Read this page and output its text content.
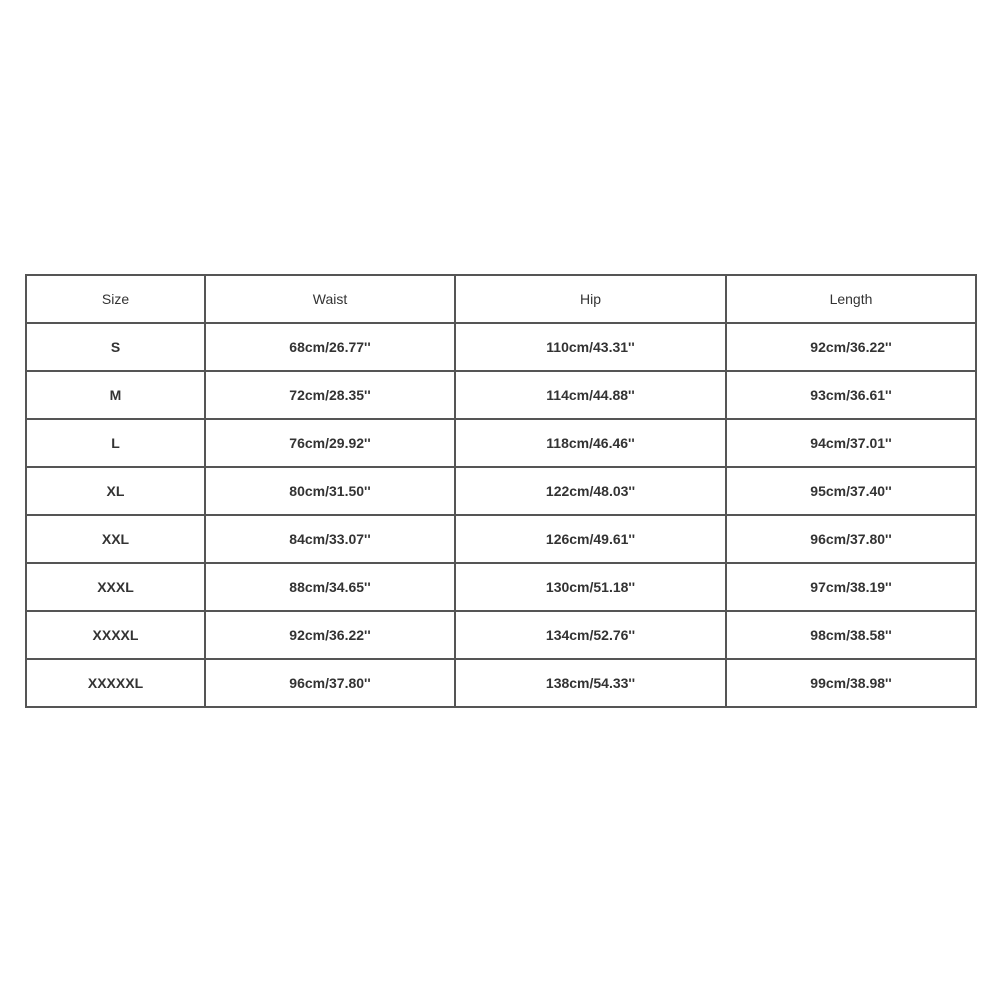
Size	Waist	Hip	Length
S	68cm/26.77''	110cm/43.31''	92cm/36.22''
M	72cm/28.35''	114cm/44.88''	93cm/36.61''
L	76cm/29.92''	118cm/46.46''	94cm/37.01''
XL	80cm/31.50''	122cm/48.03''	95cm/37.40''
XXL	84cm/33.07''	126cm/49.61''	96cm/37.80''
XXXL	88cm/34.65''	130cm/51.18''	97cm/38.19''
XXXXL	92cm/36.22''	134cm/52.76''	98cm/38.58''
XXXXXL	96cm/37.80''	138cm/54.33''	99cm/38.98''
